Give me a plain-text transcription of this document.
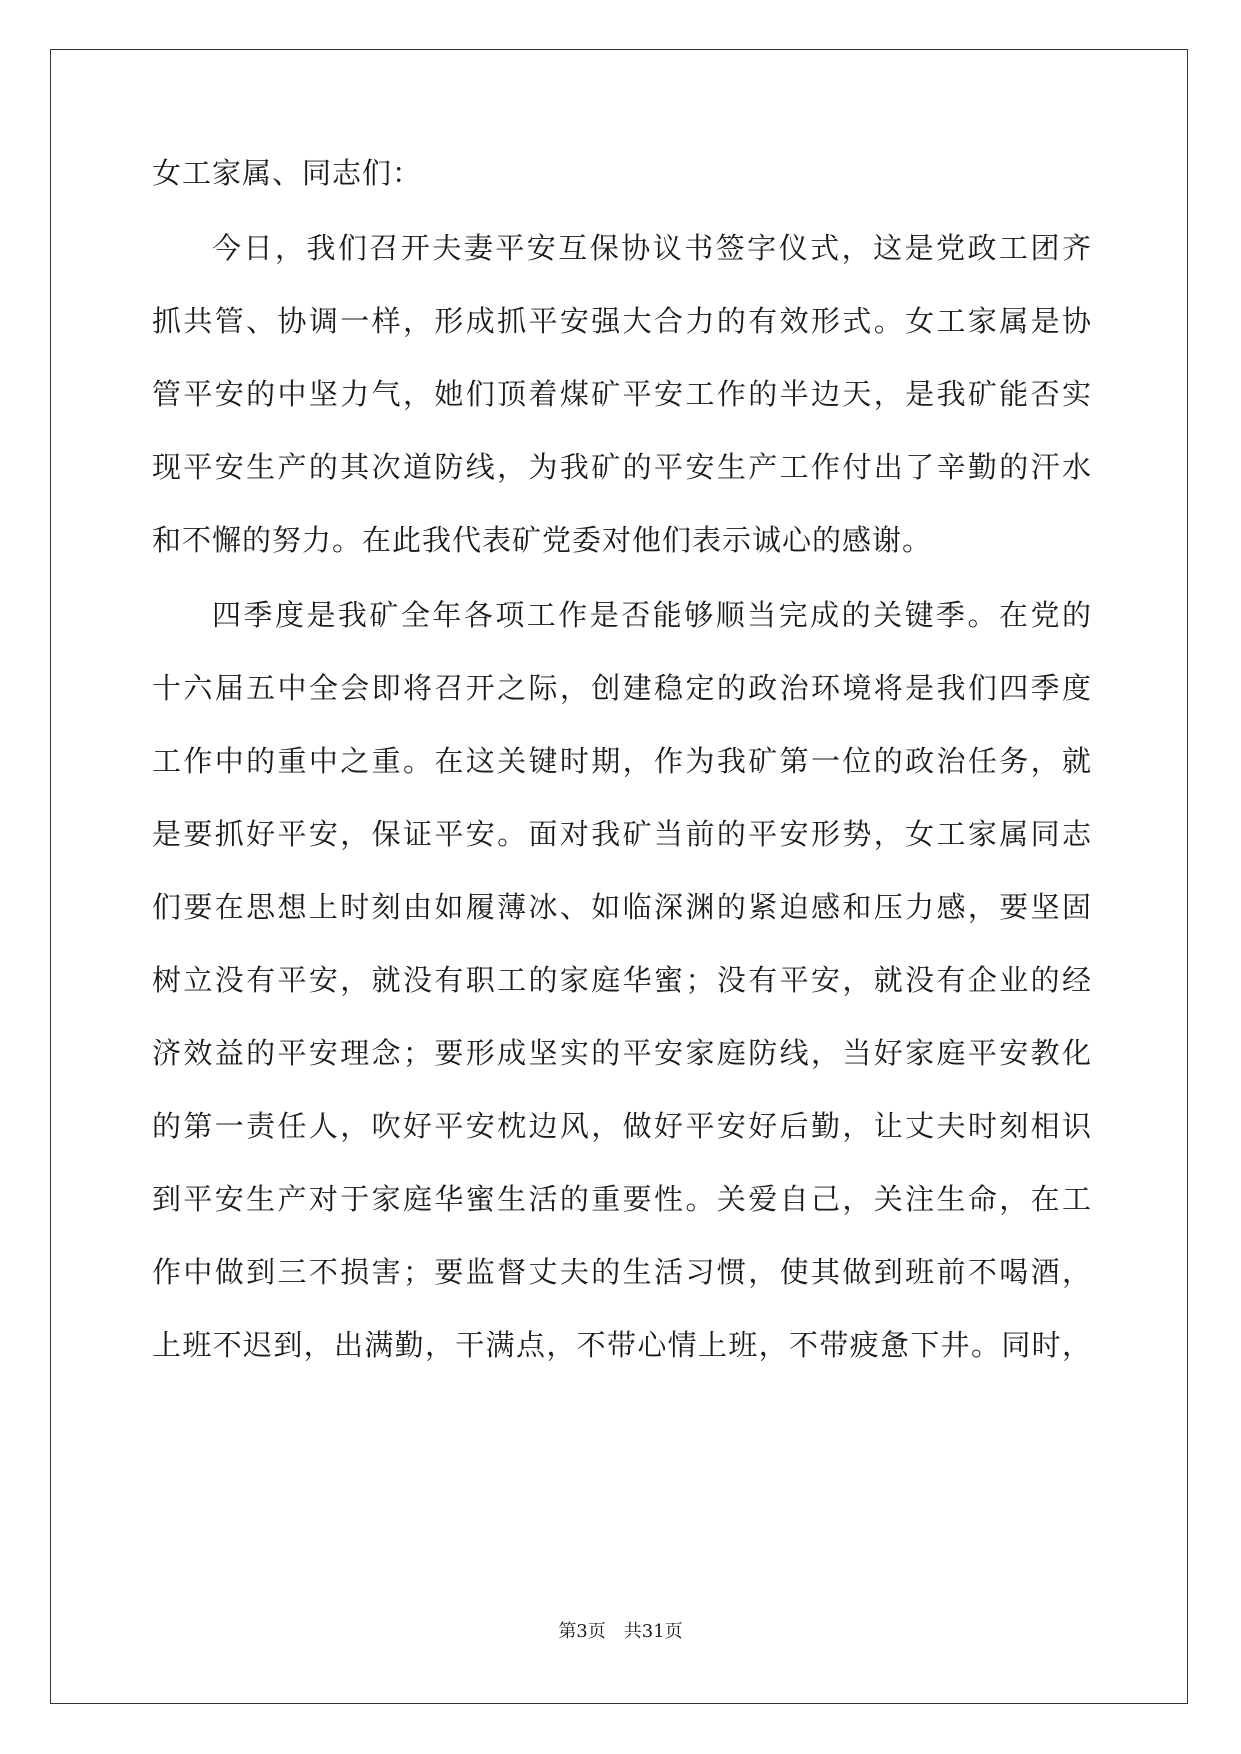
女工家属、同志们：
今日，我们召开夫妻平安互保协议书签字仪式，这是党政工团齐
抓共管、协调一样，形成抓平安强大合力的有效形式。女工家属是协
管平安的中坚力气，她们顶着煤矿平安工作的半边天，是我矿能否实
现平安生产的其次道防线，为我矿的平安生产工作付出了辛勤的汗水
和不懈的努力。在此我代表矿党委对他们表示诚心的感谢。
四季度是我矿全年各项工作是否能够顺当完成的关键季。在党的
十六届五中全会即将召开之际，创建稳定的政治环境将是我们四季度
工作中的重中之重。在这关键时期，作为我矿第一位的政治任务，就
是要抓好平安，保证平安。面对我矿当前的平安形势，女工家属同志
们要在思想上时刻由如履薄冰、如临深渊的紧迫感和压力感，要坚固
树立没有平安，就没有职工的家庭华蜜；没有平安，就没有企业的经
济效益的平安理念；要形成坚实的平安家庭防线，当好家庭平安教化
的第一责任人，吹好平安枕边风，做好平安好后勤，让丈夫时刻相识
到平安生产对于家庭华蜜生活的重要性。关爱自己，关注生命，在工
作中做到三不损害；要监督丈夫的生活习惯，使其做到班前不喝酒，
上班不迟到，出满勤，干满点，不带心情上班，不带疲惫下井。同时，
第3页 共31页
